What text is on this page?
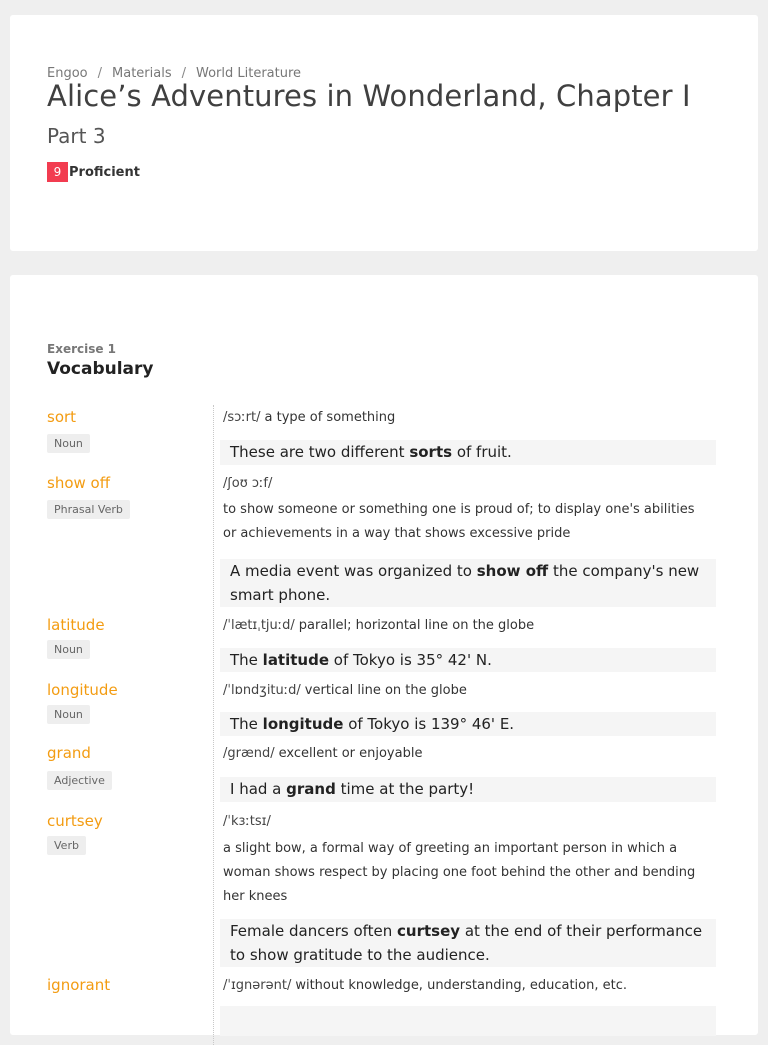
Engoo / Materials / World Literature
Alice’s Adventures in Wonderland, Chapter I
Part 3
9 Proficient
Exercise 1
Vocabulary
sort
Noun
/sɔːrt/ a type of something
These are two different sorts of fruit.
show off
Phrasal Verb
/ʃoʊ ɔːf/
to show someone or something one is proud of; to display one's abilities or achievements in a way that shows excessive pride
A media event was organized to show off the company's new smart phone.
latitude
Noun
/ˈlætɪˌtjuːd/ parallel; horizontal line on the globe
The latitude of Tokyo is 35° 42' N.
longitude
Noun
/ˈlɒndʒituːd/ vertical line on the globe
The longitude of Tokyo is 139° 46' E.
grand
Adjective
/grænd/ excellent or enjoyable
I had a grand time at the party!
curtsey
Verb
/ˈkɜːtsɪ/
a slight bow, a formal way of greeting an important person in which a woman shows respect by placing one foot behind the other and bending her knees
Female dancers often curtsey at the end of their performance to show gratitude to the audience.
ignorant	/ˈɪgnərənt/ without knowledge, understanding, education, etc.
